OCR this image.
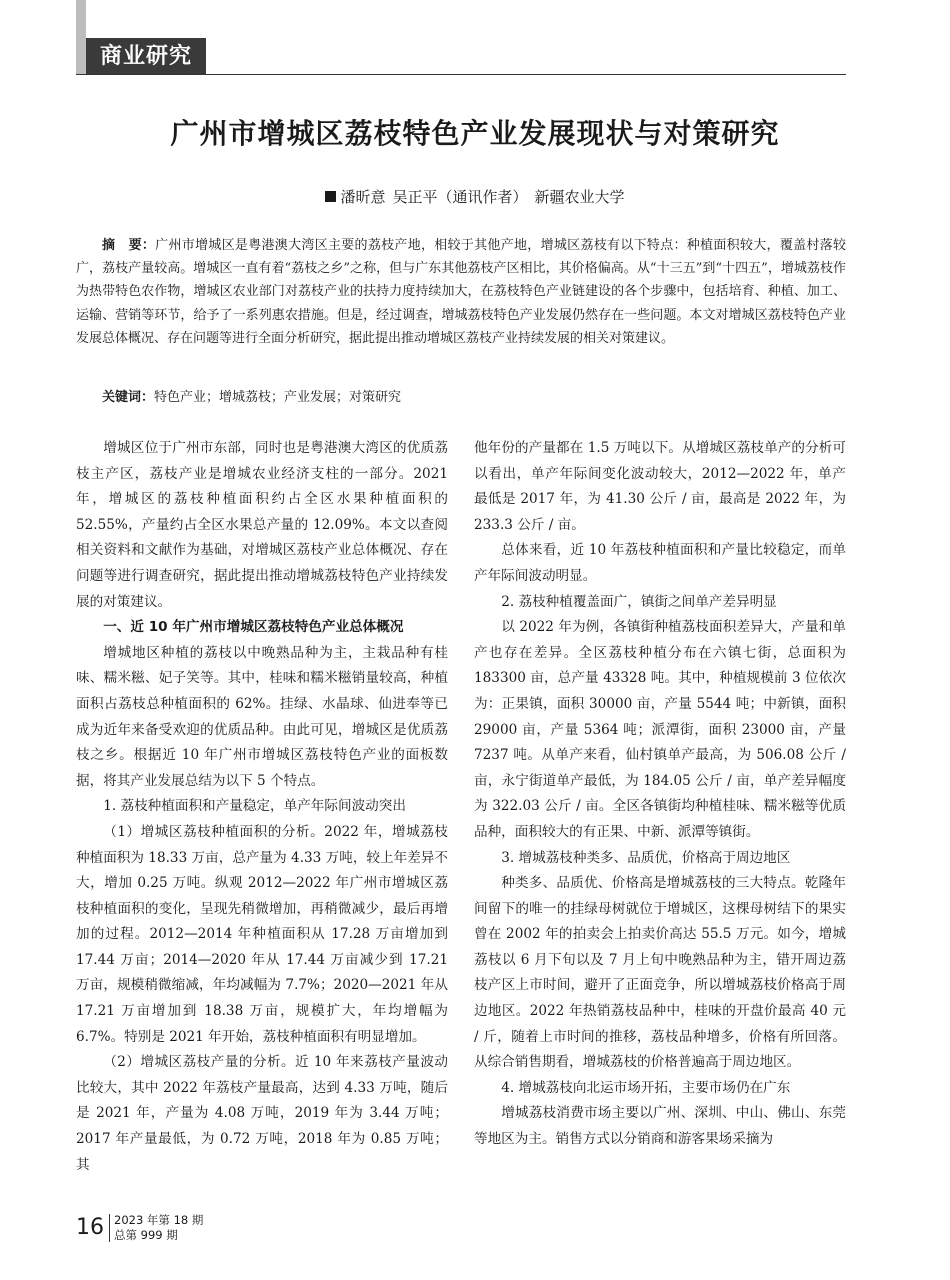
商业研究
广州市增城区荔枝特色产业发展现状与对策研究
潘昕意 吴正平（通讯作者） 新疆农业大学
摘　要：广州市增城区是粤港澳大湾区主要的荔枝产地，相较于其他产地，增城区荔枝有以下特点：种植面积较大，覆盖村落较广，荔枝产量较高。增城区一直有着“荔枝之乡”之称，但与广东其他荔枝产区相比，其价格偏高。从“十三五”到“十四五”，增城荔枝作为热带特色农作物，增城区农业部门对荔枝产业的扶持力度持续加大，在荔枝特色产业链建设的各个步骤中，包括培育、种植、加工、运输、营销等环节，给予了一系列惠农措施。但是，经过调查，增城荔枝特色产业发展仍然存在一些问题。本文对增城区荔枝特色产业发展总体概况、存在问题等进行全面分析研究，据此提出推动增城区荔枝产业持续发展的相关对策建议。
关键词：特色产业；增城荔枝；产业发展；对策研究

增城区位于广州市东部，同时也是粤港澳大湾区的优质荔枝主产区，荔枝产业是增城农业经济支柱的一部分。2021 年，增城区的荔枝种植面积约占全区水果种植面积的 52.55%，产量约占全区水果总产量的 12.09%。本文以查阅相关资料和文献作为基础，对增城区荔枝产业总体概况、存在问题等进行调查研究，据此提出推动增城荔枝特色产业持续发展的对策建议。

一、近 10 年广州市增城区荔枝特色产业总体概况

增城地区种植的荔枝以中晚熟品种为主，主栽品种有桂味、糯米糍、妃子笑等。其中，桂味和糯米糍销量较高，种植面积占荔枝总种植面积的 62%。挂绿、水晶球、仙进奉等已成为近年来备受欢迎的优质品种。由此可见，增城区是优质荔枝之乡。根据近 10 年广州市增城区荔枝特色产业的面板数据，将其产业发展总结为以下 5 个特点。

1. 荔枝种植面积和产量稳定，单产年际间波动突出

（1）增城区荔枝种植面积的分析。2022 年，增城荔枝种植面积为 18.33 万亩，总产量为 4.33 万吨，较上年差异不大，增加 0.25 万吨。纵观 2012—2022 年广州市增城区荔枝种植面积的变化，呈现先稍微增加，再稍微减少，最后再增加的过程。2012—2014 年种植面积从 17.28 万亩增加到 17.44 万亩；2014—2020 年从 17.44 万亩减少到 17.21 万亩，规模稍微缩减，年均减幅为 7.7%；2020—2021 年从 17.21 万亩增加到 18.38 万亩，规模扩大，年均增幅为 6.7%。特别是 2021 年开始，荔枝种植面积有明显增加。

（2）增城区荔枝产量的分析。近 10 年来荔枝产量波动比较大，其中 2022 年荔枝产量最高，达到 4.33 万吨，随后是 2021 年，产量为 4.08 万吨，2019 年为 3.44 万吨；2017 年产量最低，为 0.72 万吨，2018 年为 0.85 万吨；其

他年份的产量都在 1.5 万吨以下。从增城区荔枝单产的分析可以看出，单产年际间变化波动较大，2012—2022 年，单产最低是 2017 年，为 41.30 公斤 / 亩，最高是 2022 年，为 233.3 公斤 / 亩。

总体来看，近 10 年荔枝种植面积和产量比较稳定，而单产年际间波动明显。

2. 荔枝种植覆盖面广，镇街之间单产差异明显

以 2022 年为例，各镇街种植荔枝面积差异大，产量和单产也存在差异。全区荔枝种植分布在六镇七街，总面积为 183300 亩，总产量 43328 吨。其中，种植规模前 3 位依次为：正果镇，面积 30000 亩，产量 5544 吨；中新镇，面积 29000 亩，产量 5364 吨；派潭街，面积 23000 亩，产量 7237 吨。从单产来看，仙村镇单产最高，为 506.08 公斤 / 亩，永宁街道单产最低，为 184.05 公斤 / 亩，单产差异幅度为 322.03 公斤 / 亩。全区各镇街均种植桂味、糯米糍等优质品种，面积较大的有正果、中新、派潭等镇街。

3. 增城荔枝种类多、品质优，价格高于周边地区

种类多、品质优、价格高是增城荔枝的三大特点。乾隆年间留下的唯一的挂绿母树就位于增城区，这棵母树结下的果实曾在 2002 年的拍卖会上拍卖价高达 55.5 万元。如今，增城荔枝以 6 月下旬以及 7 月上旬中晚熟品种为主，错开周边荔枝产区上市时间，避开了正面竞争，所以增城荔枝价格高于周边地区。2022 年热销荔枝品种中，桂味的开盘价最高 40 元 / 斤，随着上市时间的推移，荔枝品种增多，价格有所回落。从综合销售期看，增城荔枝的价格普遍高于周边地区。

4. 增城荔枝向北运市场开拓，主要市场仍在广东

增城荔枝消费市场主要以广州、深圳、中山、佛山、东莞等地区为主。销售方式以分销商和游客果场采摘为

16 2023 年第 18 期
总第 999 期
